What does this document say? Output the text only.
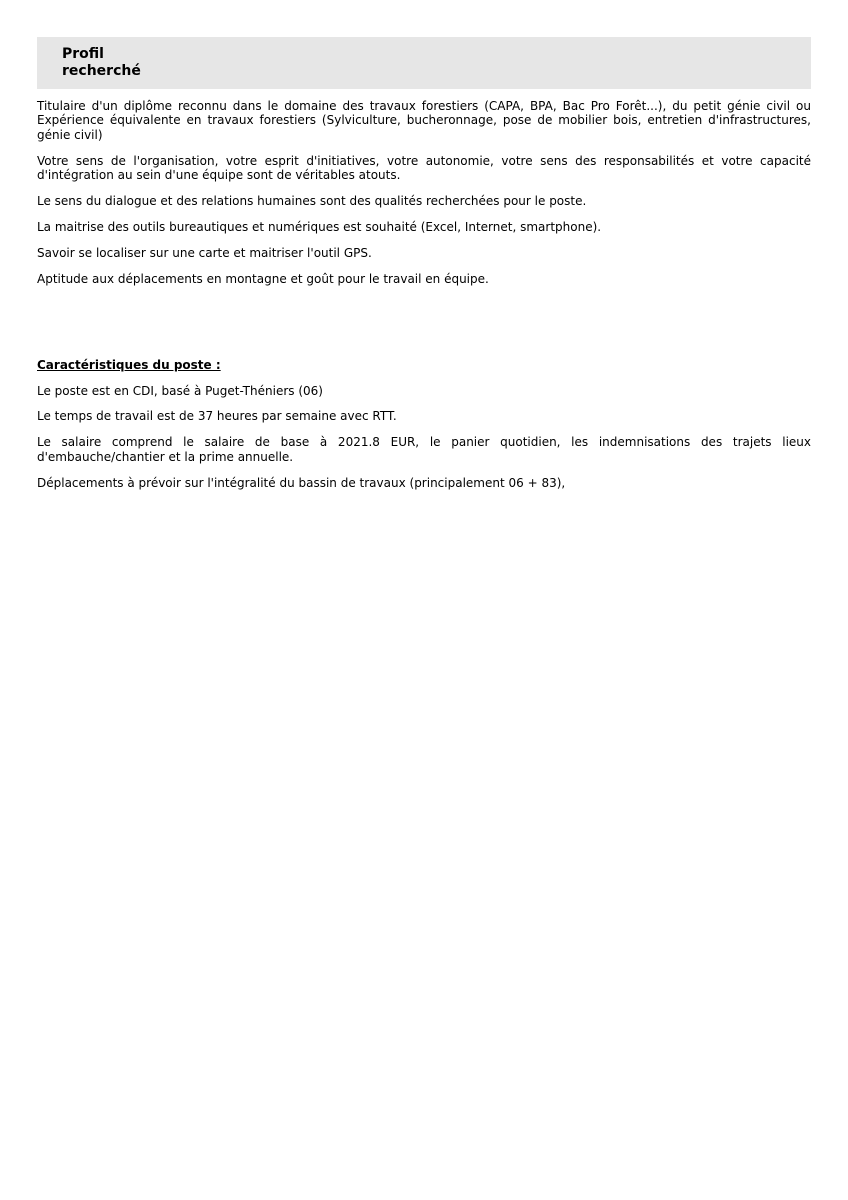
Profil recherché

Titulaire d'un diplôme reconnu dans le domaine des travaux forestiers (CAPA, BPA, Bac Pro Forêt...), du petit génie civil ou Expérience équivalente en travaux forestiers (Sylviculture, bucheronnage, pose de mobilier bois, entretien d'infrastructures, génie civil)

Votre sens de l'organisation, votre esprit d'initiatives, votre autonomie, votre sens des responsabilités et votre capacité d'intégration au sein d'une équipe sont de véritables atouts.

Le sens du dialogue et des relations humaines sont des qualités recherchées pour le poste.

La maitrise des outils bureautiques et numériques est souhaité (Excel, Internet, smartphone).

Savoir se localiser sur une carte et maitriser l'outil GPS.

Aptitude aux déplacements en montagne et goût pour le travail en équipe.

Caractéristiques du poste :

Le poste est en CDI, basé à Puget-Théniers (06)

Le temps de travail est de 37 heures par semaine avec RTT.

Le salaire comprend le salaire de base à 2021.8 EUR, le panier quotidien, les indemnisations des trajets lieux d'embauche/chantier et la prime annuelle.

Déplacements à prévoir sur l'intégralité du bassin de travaux (principalement 06 + 83),
